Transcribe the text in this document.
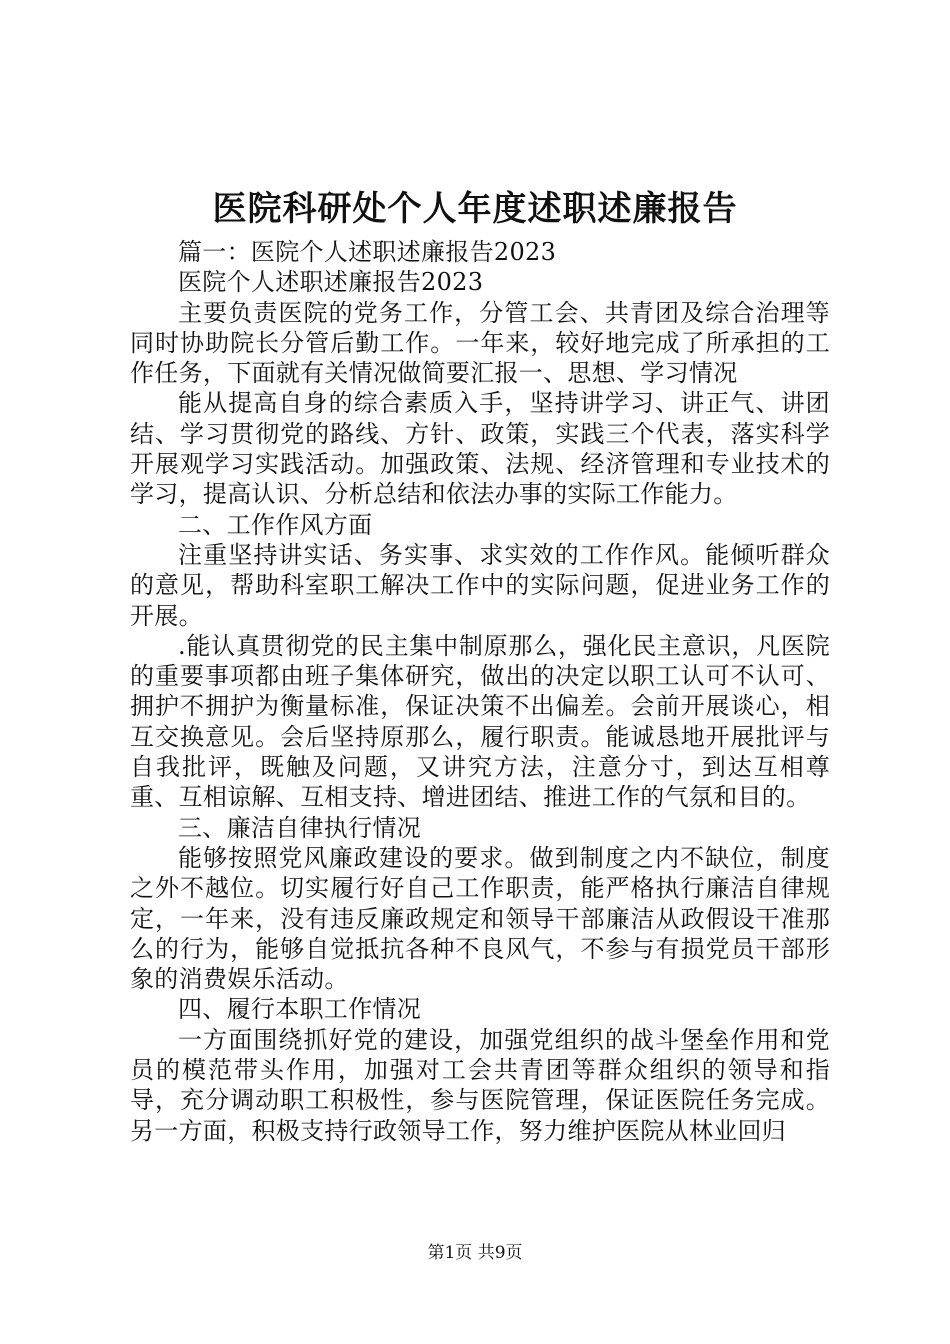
医院科研处个人年度述职述廉报告

篇一：医院个人述职述廉报告2023

医院个人述职述廉报告2023

主要负责医院的党务工作，分管工会、共青团及综合治理等同时协助院长分管后勤工作。一年来，较好地完成了所承担的工作任务，下面就有关情况做简要汇报一、思想、学习情况

能从提高自身的综合素质入手，坚持讲学习、讲正气、讲团结、学习贯彻党的路线、方针、政策，实践三个代表，落实科学开展观学习实践活动。加强政策、法规、经济管理和专业技术的学习，提高认识、分析总结和依法办事的实际工作能力。

二、工作作风方面

注重坚持讲实话、务实事、求实效的工作作风。能倾听群众的意见，帮助科室职工解决工作中的实际问题，促进业务工作的开展。

.能认真贯彻党的民主集中制原那么，强化民主意识，凡医院的重要事项都由班子集体研究，做出的决定以职工认可不认可、拥护不拥护为衡量标准，保证决策不出偏差。会前开展谈心，相互交换意见。会后坚持原那么，履行职责。能诚恳地开展批评与自我批评，既触及问题，又讲究方法，注意分寸，到达互相尊重、互相谅解、互相支持、增进团结、推进工作的气氛和目的。

三、廉洁自律执行情况

能够按照党风廉政建设的要求。做到制度之内不缺位，制度之外不越位。切实履行好自己工作职责，能严格执行廉洁自律规定，一年来，没有违反廉政规定和领导干部廉洁从政假设干准那么的行为，能够自觉抵抗各种不良风气，不参与有损党员干部形象的消费娱乐活动。

四、履行本职工作情况

一方面围绕抓好党的建设，加强党组织的战斗堡垒作用和党员的模范带头作用，加强对工会共青团等群众组织的领导和指导，充分调动职工积极性，参与医院管理，保证医院任务完成。另一方面，积极支持行政领导工作，努力维护医院从林业回归

第1页 共9页
